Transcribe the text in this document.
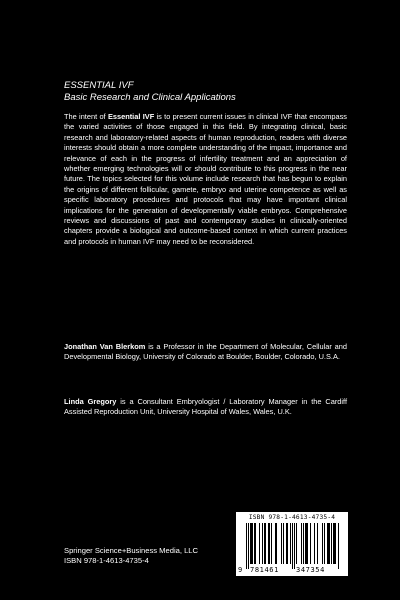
ESSENTIAL IVF
Basic Research and Clinical Applications

The intent of Essential IVF is to present current issues in clinical IVF that encompass the varied activities of those engaged in this field. By integrating clinical, basic research and laboratory-related aspects of human reproduction, readers with diverse interests should obtain a more complete understanding of the impact, importance and relevance of each in the progress of infertility treatment and an appreciation of whether emerging technologies will or should contribute to this progress in the near future. The topics selected for this volume include research that has begun to explain the origins of different follicular, gamete, embryo and uterine competence as well as specific laboratory procedures and protocols that may have important clinical implications for the generation of developmentally viable embryos. Comprehensive reviews and discussions of past and contemporary studies in clinically-oriented chapters provide a biological and outcome-based context in which current practices and protocols in human IVF may need to be reconsidered.

Jonathan Van Blerkom is a Professor in the Department of Molecular, Cellular and Developmental Biology, University of Colorado at Boulder, Boulder, Colorado, U.S.A.

Linda Gregory is a Consultant Embryologist / Laboratory Manager in the Cardiff Assisted Reproduction Unit, University Hospital of Wales, Wales, U.K.

Springer Science+Business Media, LLC
ISBN 978-1-4613-4735-4
ISBN 978-1-4613-4735-4
9 781461 347354
